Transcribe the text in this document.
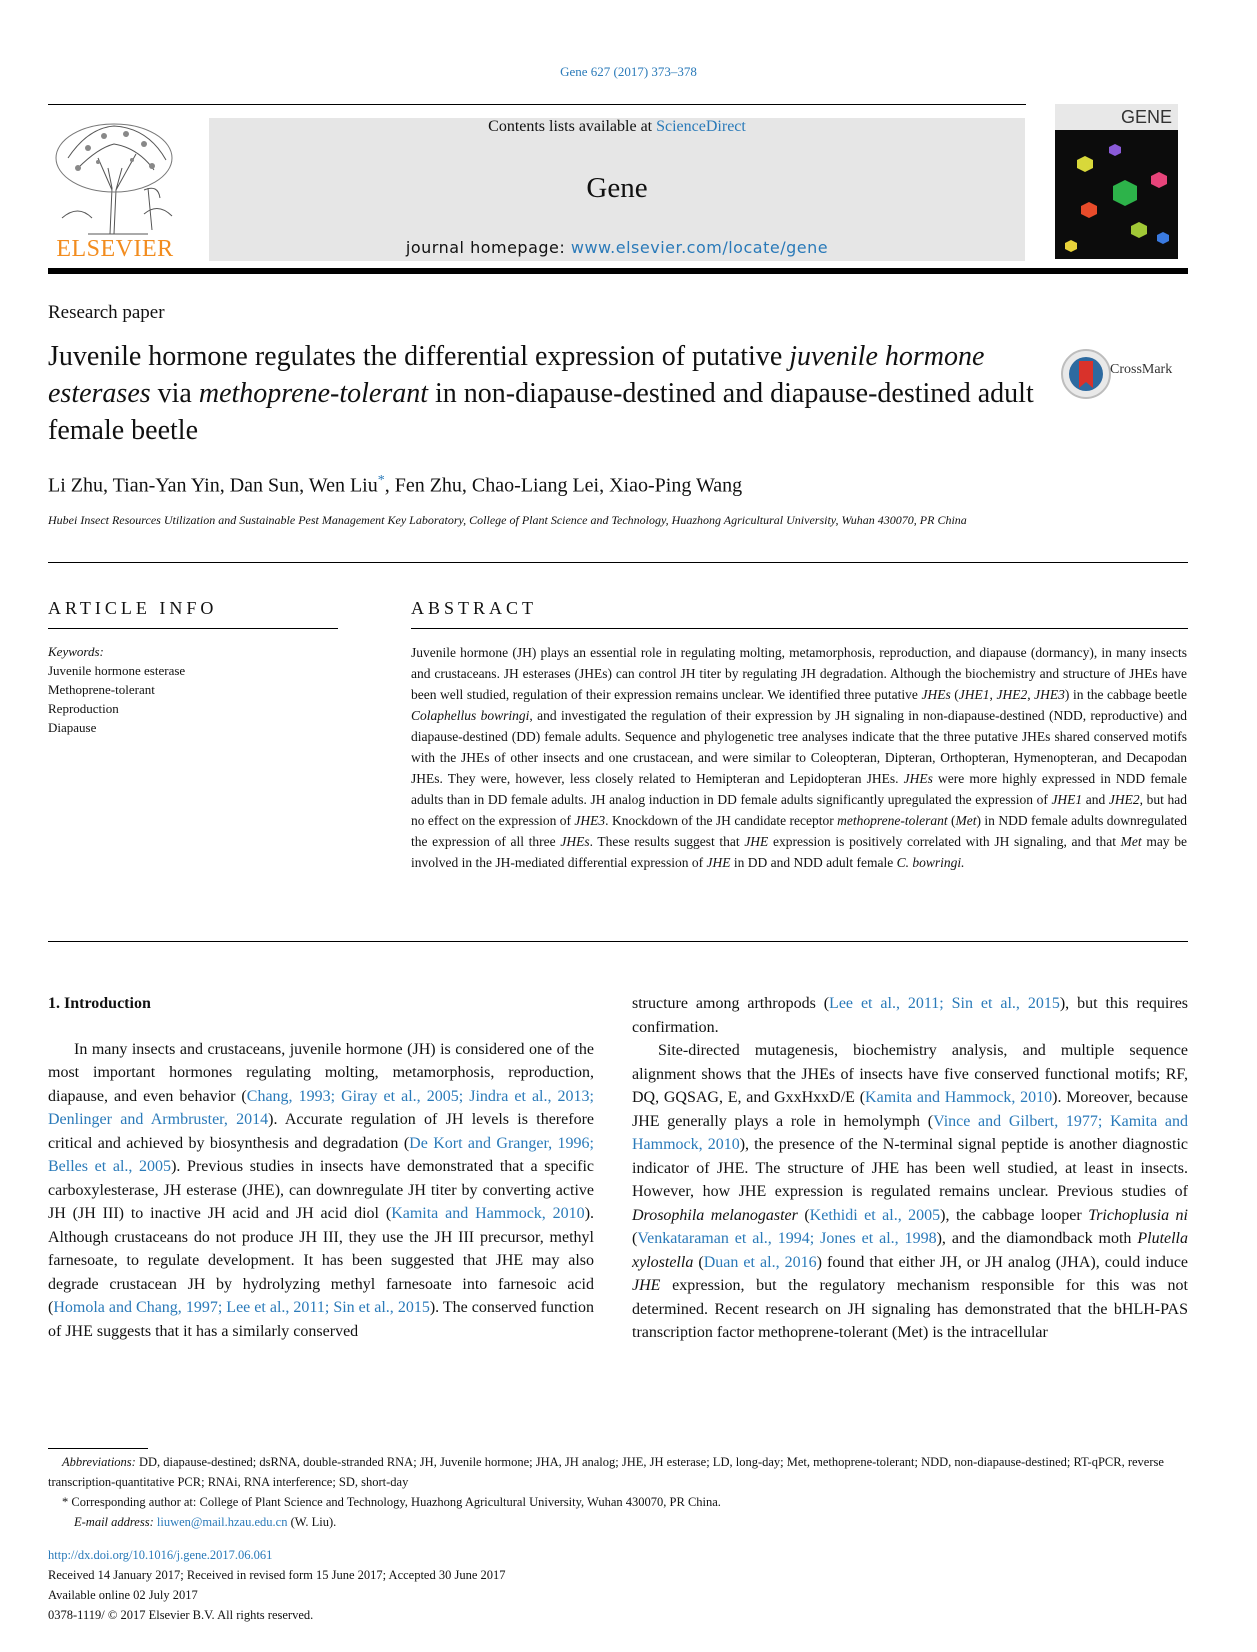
Gene 627 (2017) 373–378
ELSEVIER
Contents lists available at ScienceDirect
Gene
journal homepage: www.elsevier.com/locate/gene
GENE
Research paper
Juvenile hormone regulates the differential expression of putative juvenile hormone esterases via methoprene-tolerant in non-diapause-destined and diapause-destined adult female beetle
CrossMark
Li Zhu, Tian-Yan Yin, Dan Sun, Wen Liu*, Fen Zhu, Chao-Liang Lei, Xiao-Ping Wang
Hubei Insect Resources Utilization and Sustainable Pest Management Key Laboratory, College of Plant Science and Technology, Huazhong Agricultural University, Wuhan 430070, PR China
ARTICLE INFO
Keywords:
Juvenile hormone esterase
Methoprene-tolerant
Reproduction
Diapause
ABSTRACT
Juvenile hormone (JH) plays an essential role in regulating molting, metamorphosis, reproduction, and diapause (dormancy), in many insects and crustaceans. JH esterases (JHEs) can control JH titer by regulating JH degradation. Although the biochemistry and structure of JHEs have been well studied, regulation of their expression remains unclear. We identified three putative JHEs (JHE1, JHE2, JHE3) in the cabbage beetle Colaphellus bowringi, and investigated the regulation of their expression by JH signaling in non-diapause-destined (NDD, reproductive) and diapause-destined (DD) female adults. Sequence and phylogenetic tree analyses indicate that the three putative JHEs shared conserved motifs with the JHEs of other insects and one crustacean, and were similar to Coleopteran, Dipteran, Orthopteran, Hymenopteran, and Decapodan JHEs. They were, however, less closely related to Hemipteran and Lepidopteran JHEs. JHEs were more highly expressed in NDD female adults than in DD female adults. JH analog induction in DD female adults significantly upregulated the expression of JHE1 and JHE2, but had no effect on the expression of JHE3. Knockdown of the JH candidate receptor methoprene-tolerant (Met) in NDD female adults downregulated the expression of all three JHEs. These results suggest that JHE expression is positively correlated with JH signaling, and that Met may be involved in the JH-mediated differential expression of JHE in DD and NDD adult female C. bowringi.

1. Introduction

In many insects and crustaceans, juvenile hormone (JH) is considered one of the most important hormones regulating molting, metamorphosis, reproduction, diapause, and even behavior (Chang, 1993; Giray et al., 2005; Jindra et al., 2013; Denlinger and Armbruster, 2014). Accurate regulation of JH levels is therefore critical and achieved by biosynthesis and degradation (De Kort and Granger, 1996; Belles et al., 2005). Previous studies in insects have demonstrated that a specific carboxylesterase, JH esterase (JHE), can downregulate JH titer by converting active JH (JH III) to inactive JH acid and JH acid diol (Kamita and Hammock, 2010). Although crustaceans do not produce JH III, they use the JH III precursor, methyl farnesoate, to regulate development. It has been suggested that JHE may also degrade crustacean JH by hydrolyzing methyl farnesoate into farnesoic acid (Homola and Chang, 1997; Lee et al., 2011; Sin et al., 2015). The conserved function of JHE suggests that it has a similarly conserved

structure among arthropods (Lee et al., 2011; Sin et al., 2015), but this requires confirmation.

Site-directed mutagenesis, biochemistry analysis, and multiple sequence alignment shows that the JHEs of insects have five conserved functional motifs; RF, DQ, GQSAG, E, and GxxHxxD/E (Kamita and Hammock, 2010). Moreover, because JHE generally plays a role in hemolymph (Vince and Gilbert, 1977; Kamita and Hammock, 2010), the presence of the N-terminal signal peptide is another diagnostic indicator of JHE. The structure of JHE has been well studied, at least in insects. However, how JHE expression is regulated remains unclear. Previous studies of Drosophila melanogaster (Kethidi et al., 2005), the cabbage looper Trichoplusia ni (Venkataraman et al., 1994; Jones et al., 1998), and the diamondback moth Plutella xylostella (Duan et al., 2016) found that either JH, or JH analog (JHA), could induce JHE expression, but the regulatory mechanism responsible for this was not determined. Recent research on JH signaling has demonstrated that the bHLH-PAS transcription factor methoprene-tolerant (Met) is the intracellular

Abbreviations: DD, diapause-destined; dsRNA, double-stranded RNA; JH, Juvenile hormone; JHA, JH analog; JHE, JH esterase; LD, long-day; Met, methoprene-tolerant; NDD, non-diapause-destined; RT-qPCR, reverse transcription-quantitative PCR; RNAi, RNA interference; SD, short-day

* Corresponding author at: College of Plant Science and Technology, Huazhong Agricultural University, Wuhan 430070, PR China.

E-mail address: liuwen@mail.hzau.edu.cn (W. Liu).

http://dx.doi.org/10.1016/j.gene.2017.06.061

Received 14 January 2017; Received in revised form 15 June 2017; Accepted 30 June 2017

Available online 02 July 2017

0378-1119/ © 2017 Elsevier B.V. All rights reserved.
